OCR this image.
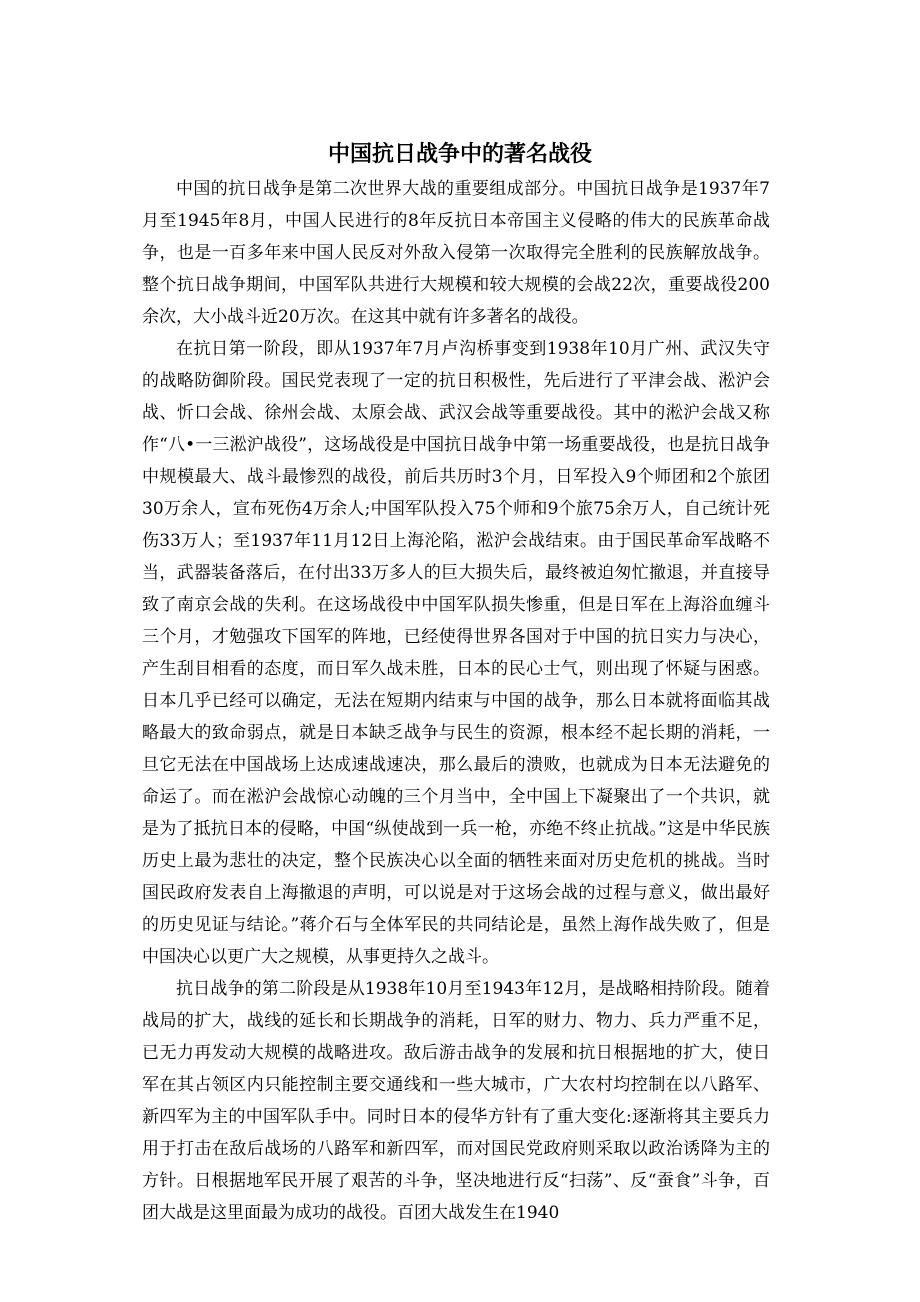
中国抗日战争中的著名战役

中国的抗日战争是第二次世界大战的重要组成部分。中国抗日战争是1937年7月至1945年8月，中国人民进行的8年反抗日本帝国主义侵略的伟大的民族革命战争，也是一百多年来中国人民反对外敌入侵第一次取得完全胜利的民族解放战争。整个抗日战争期间，中国军队共进行大规模和较大规模的会战22次，重要战役200余次，大小战斗近20万次。在这其中就有许多著名的战役。

在抗日第一阶段，即从1937年7月卢沟桥事变到1938年10月广州、武汉失守的战略防御阶段。国民党表现了一定的抗日积极性，先后进行了平津会战、淞沪会战、忻口会战、徐州会战、太原会战、武汉会战等重要战役。其中的淞沪会战又称作“八•一三淞沪战役”，这场战役是中国抗日战争中第一场重要战役，也是抗日战争中规模最大、战斗最惨烈的战役，前后共历时3个月，日军投入9个师团和2个旅团30万余人，宣布死伤4万余人;中国军队投入75个师和9个旅75余万人，自己统计死伤33万人；至1937年11月12日上海沦陷，淞沪会战结束。由于国民革命军战略不当，武器装备落后，在付出33万多人的巨大损失后，最终被迫匆忙撤退，并直接导致了南京会战的失利。在这场战役中中国军队损失惨重，但是日军在上海浴血缠斗三个月，才勉强攻下国军的阵地，已经使得世界各国对于中国的抗日实力与决心，产生刮目相看的态度，而日军久战未胜，日本的民心士气，则出现了怀疑与困惑。日本几乎已经可以确定，无法在短期内结束与中国的战争，那么日本就将面临其战略最大的致命弱点，就是日本缺乏战争与民生的资源，根本经不起长期的消耗，一旦它无法在中国战场上达成速战速决，那么最后的溃败，也就成为日本无法避免的命运了。而在淞沪会战惊心动魄的三个月当中，全中国上下凝聚出了一个共识，就是为了抵抗日本的侵略，中国“纵使战到一兵一枪，亦绝不终止抗战。”这是中华民族历史上最为悲壮的决定，整个民族决心以全面的牺牲来面对历史危机的挑战。当时国民政府发表自上海撤退的声明，可以说是对于这场会战的过程与意义，做出最好的历史见证与结论。”蒋介石与全体军民的共同结论是，虽然上海作战失败了，但是中国决心以更广大之规模，从事更持久之战斗。

抗日战争的第二阶段是从1938年10月至1943年12月，是战略相持阶段。随着战局的扩大，战线的延长和长期战争的消耗，日军的财力、物力、兵力严重不足，已无力再发动大规模的战略进攻。敌后游击战争的发展和抗日根据地的扩大，使日军在其占领区内只能控制主要交通线和一些大城市，广大农村均控制在以八路军、新四军为主的中国军队手中。同时日本的侵华方针有了重大变化:逐渐将其主要兵力用于打击在敌后战场的八路军和新四军，而对国民党政府则采取以政治诱降为主的方针。日根据地军民开展了艰苦的斗争，坚决地进行反“扫荡”、反“蚕食”斗争，百团大战是这里面最为成功的战役。百团大战发生在1940
